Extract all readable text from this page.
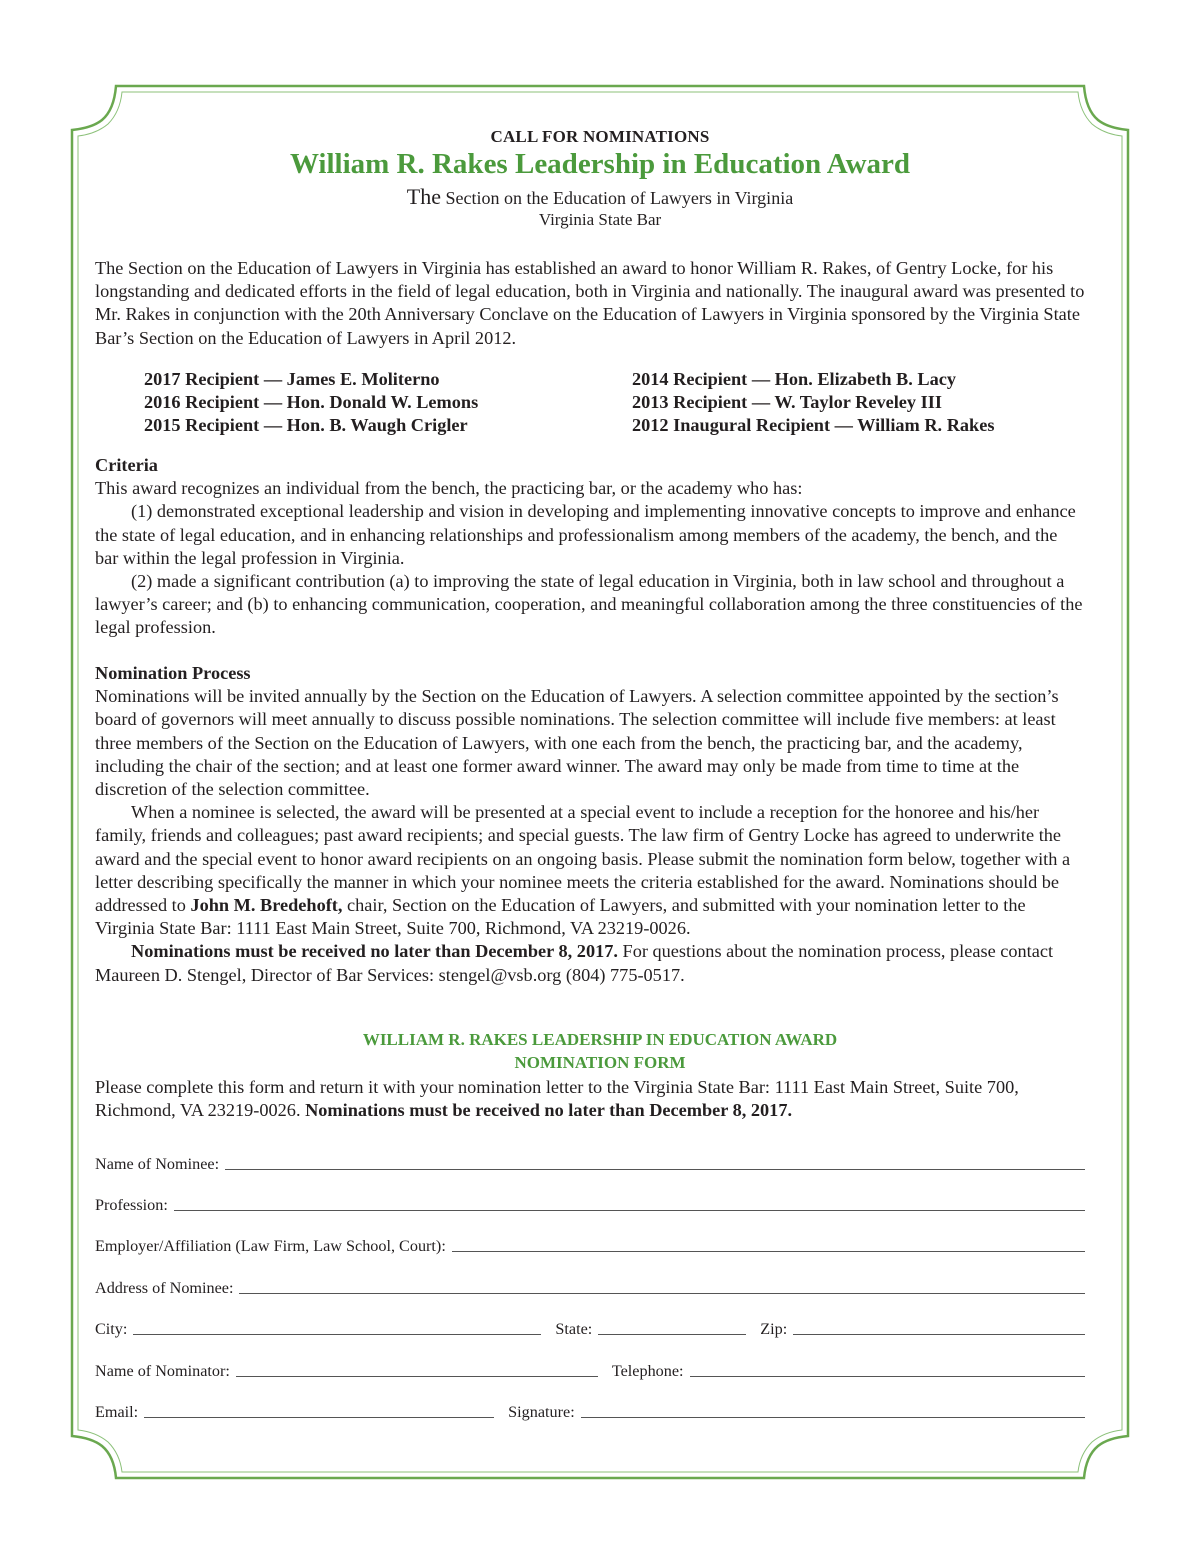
CALL FOR NOMINATIONS
William R. Rakes Leadership in Education Award
The Section on the Education of Lawyers in Virginia
Virginia State Bar

The Section on the Education of Lawyers in Virginia has established an award to honor William R. Rakes, of Gentry Locke, for his longstanding and dedicated efforts in the field of legal education, both in Virginia and nationally. The inaugural award was presented to Mr. Rakes in conjunction with the 20th Anniversary Conclave on the Education of Lawyers in Virginia sponsored by the Virginia State Bar’s Section on the Education of Lawyers in April 2012.

2017 Recipient — James E. Moliterno
2016 Recipient — Hon. Donald W. Lemons
2015 Recipient — Hon. B. Waugh Crigler
2014 Recipient — Hon. Elizabeth B. Lacy
2013 Recipient — W. Taylor Reveley III
2012 Inaugural Recipient — William R. Rakes

Criteria

This award recognizes an individual from the bench, the practicing bar, or the academy who has:

(1) demonstrated exceptional leadership and vision in developing and implementing innovative concepts to improve and enhance the state of legal education, and in enhancing relationships and professionalism among members of the academy, the bench, and the bar within the legal profession in Virginia.

(2) made a significant contribution (a) to improving the state of legal education in Virginia, both in law school and throughout a lawyer’s career; and (b) to enhancing communication, cooperation, and meaningful collaboration among the three constituencies of the legal profession.

Nomination Process

Nominations will be invited annually by the Section on the Education of Lawyers. A selection committee appointed by the section’s board of governors will meet annually to discuss possible nominations. The selection committee will include five members: at least three members of the Section on the Education of Lawyers, with one each from the bench, the practicing bar, and the academy, including the chair of the section; and at least one former award winner. The award may only be made from time to time at the discretion of the selection committee.

When a nominee is selected, the award will be presented at a special event to include a reception for the honoree and his/her family, friends and colleagues; past award recipients; and special guests. The law firm of Gentry Locke has agreed to underwrite the award and the special event to honor award recipients on an ongoing basis. Please submit the nomination form below, together with a letter describing specifically the manner in which your nominee meets the criteria established for the award. Nominations should be addressed to John M. Bredehoft, chair, Section on the Education of Lawyers, and submitted with your nomination letter to the Virginia State Bar: 1111 East Main Street, Suite 700, Richmond, VA 23219-0026.

Nominations must be received no later than December 8, 2017. For questions about the nomination process, please contact Maureen D. Stengel, Director of Bar Services: stengel@vsb.org (804) 775-0517.

WILLIAM R. RAKES LEADERSHIP IN EDUCATION AWARD
NOMINATION FORM

Please complete this form and return it with your nomination letter to the Virginia State Bar: 1111 East Main Street, Suite 700, Richmond, VA 23219-0026. Nominations must be received no later than December 8, 2017.

Name of Nominee:
Profession:
Employer/Affiliation (Law Firm, Law School, Court):
Address of Nominee:
City:	State:	Zip:
Name of Nominator:	Telephone:
Email:	Signature:
